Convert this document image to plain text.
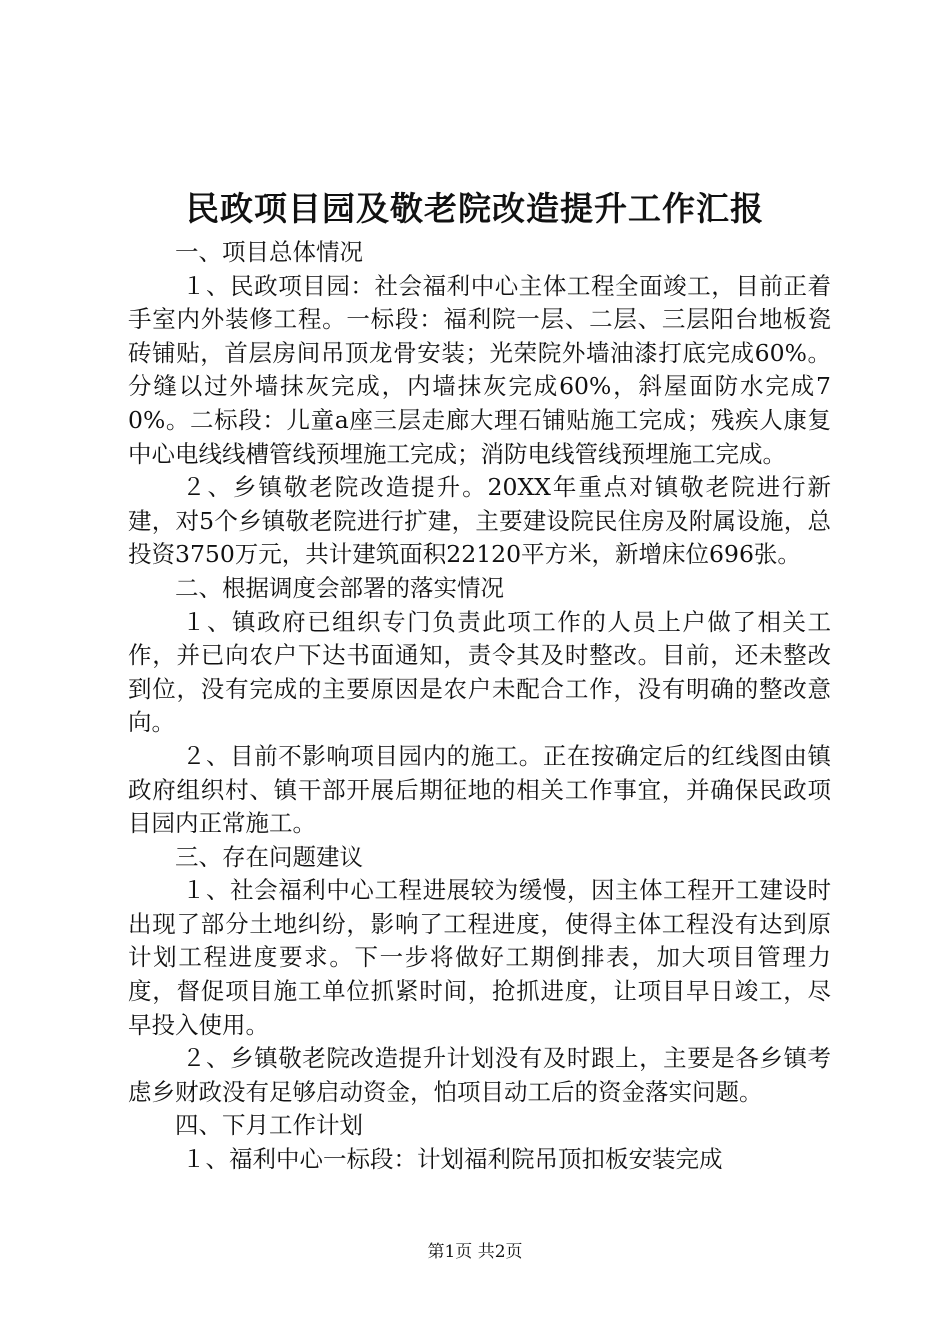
民政项目园及敬老院改造提升工作汇报

一、项目总体情况

１、民政项目园：社会福利中心主体工程全面竣工，目前正着手室内外装修工程。一标段：福利院一层、二层、三层阳台地板瓷砖铺贴，首层房间吊顶龙骨安装；光荣院外墙油漆打底完成60%。分缝以过外墙抹灰完成，内墙抹灰完成60%，斜屋面防水完成70%。二标段：儿童a座三层走廊大理石铺贴施工完成；残疾人康复中心电线线槽管线预埋施工完成；消防电线管线预埋施工完成。

２、乡镇敬老院改造提升。20XX年重点对镇敬老院进行新建，对5个乡镇敬老院进行扩建，主要建设院民住房及附属设施，总投资3750万元，共计建筑面积22120平方米，新增床位696张。

二、根据调度会部署的落实情况

１、镇政府已组织专门负责此项工作的人员上户做了相关工作，并已向农户下达书面通知，责令其及时整改。目前，还未整改到位，没有完成的主要原因是农户未配合工作，没有明确的整改意向。

２、目前不影响项目园内的施工。正在按确定后的红线图由镇政府组织村、镇干部开展后期征地的相关工作事宜，并确保民政项目园内正常施工。

三、存在问题建议

１、社会福利中心工程进展较为缓慢，因主体工程开工建设时出现了部分土地纠纷，影响了工程进度，使得主体工程没有达到原计划工程进度要求。下一步将做好工期倒排表，加大项目管理力度，督促项目施工单位抓紧时间，抢抓进度，让项目早日竣工，尽早投入使用。

２、乡镇敬老院改造提升计划没有及时跟上，主要是各乡镇考虑乡财政没有足够启动资金，怕项目动工后的资金落实问题。

四、下月工作计划

１、福利中心一标段：计划福利院吊顶扣板安装完成

第1页 共2页
